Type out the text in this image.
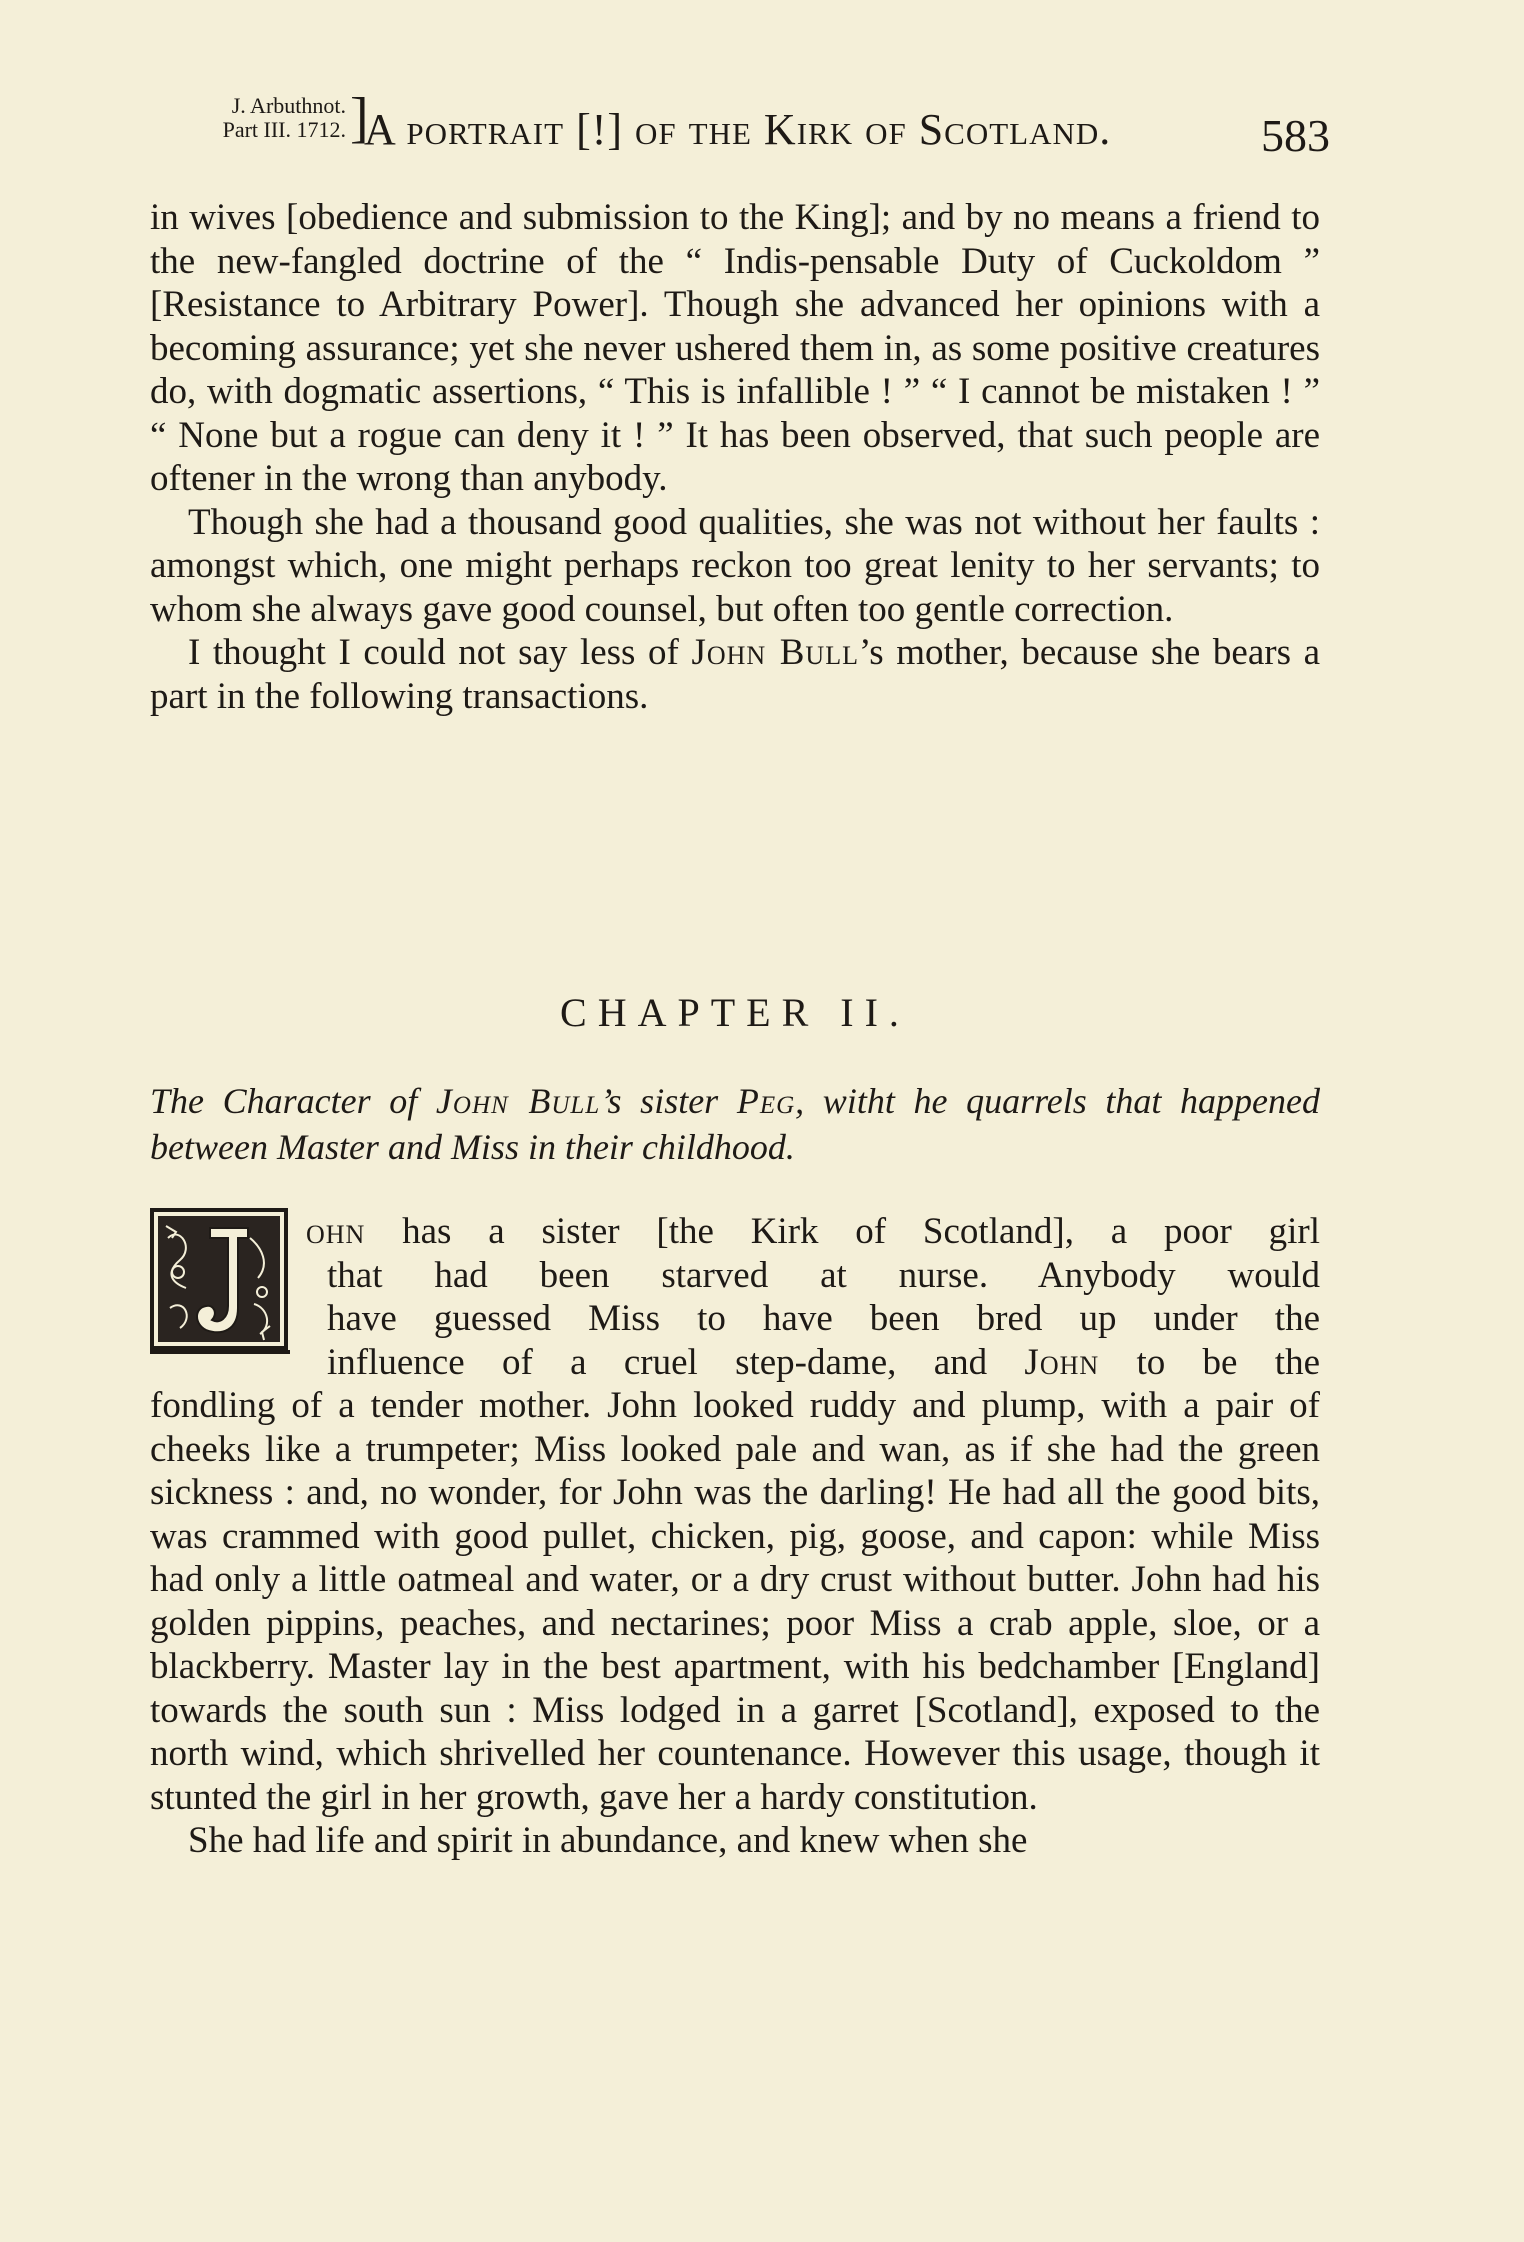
J. Arbuthnot.
Part III. 1712. ]
A portrait [!] of the Kirk of Scotland.	583

in wives [obedience and submission to the King]; and by no means a friend to the new-fangled doctrine of the “ Indis-pensable Duty of Cuckoldom ” [Resistance to Arbitrary Power]. Though she advanced her opinions with a becoming assurance; yet she never ushered them in, as some positive creatures do, with dogmatic assertions, “ This is infallible ! ” “ I cannot be mistaken ! ” “ None but a rogue can deny it ! ” It has been observed, that such people are oftener in the wrong than anybody.

Though she had a thousand good qualities, she was not without her faults : amongst which, one might perhaps reckon too great lenity to her servants; to whom she always gave good counsel, but often too gentle correction.

I thought I could not say less of John Bull’s mother, because she bears a part in the following transactions.

CHAPTER II.
The Character of John Bull’s sister Peg, witht he quarrels that happened between Master and Miss in their childhood.

ohn has a sister [the Kirk of Scotland], a poor girl

that had been starved at nurse. Anybody would

have guessed Miss to have been bred up under the

influence of a cruel step-dame, and John to be the

fondling of a tender mother. John looked ruddy and plump, with a pair of cheeks like a trumpeter; Miss looked pale and wan, as if she had the green sickness : and, no wonder, for John was the darling! He had all the good bits, was crammed with good pullet, chicken, pig, goose, and capon: while Miss had only a little oatmeal and water, or a dry crust without butter. John had his golden pippins, peaches, and nectarines; poor Miss a crab apple, sloe, or a blackberry. Master lay in the best apartment, with his bedchamber [England] towards the south sun : Miss lodged in a garret [Scotland], exposed to the north wind, which shrivelled her countenance. However this usage, though it stunted the girl in her growth, gave her a hardy constitution.

She had life and spirit in abundance, and knew when she
